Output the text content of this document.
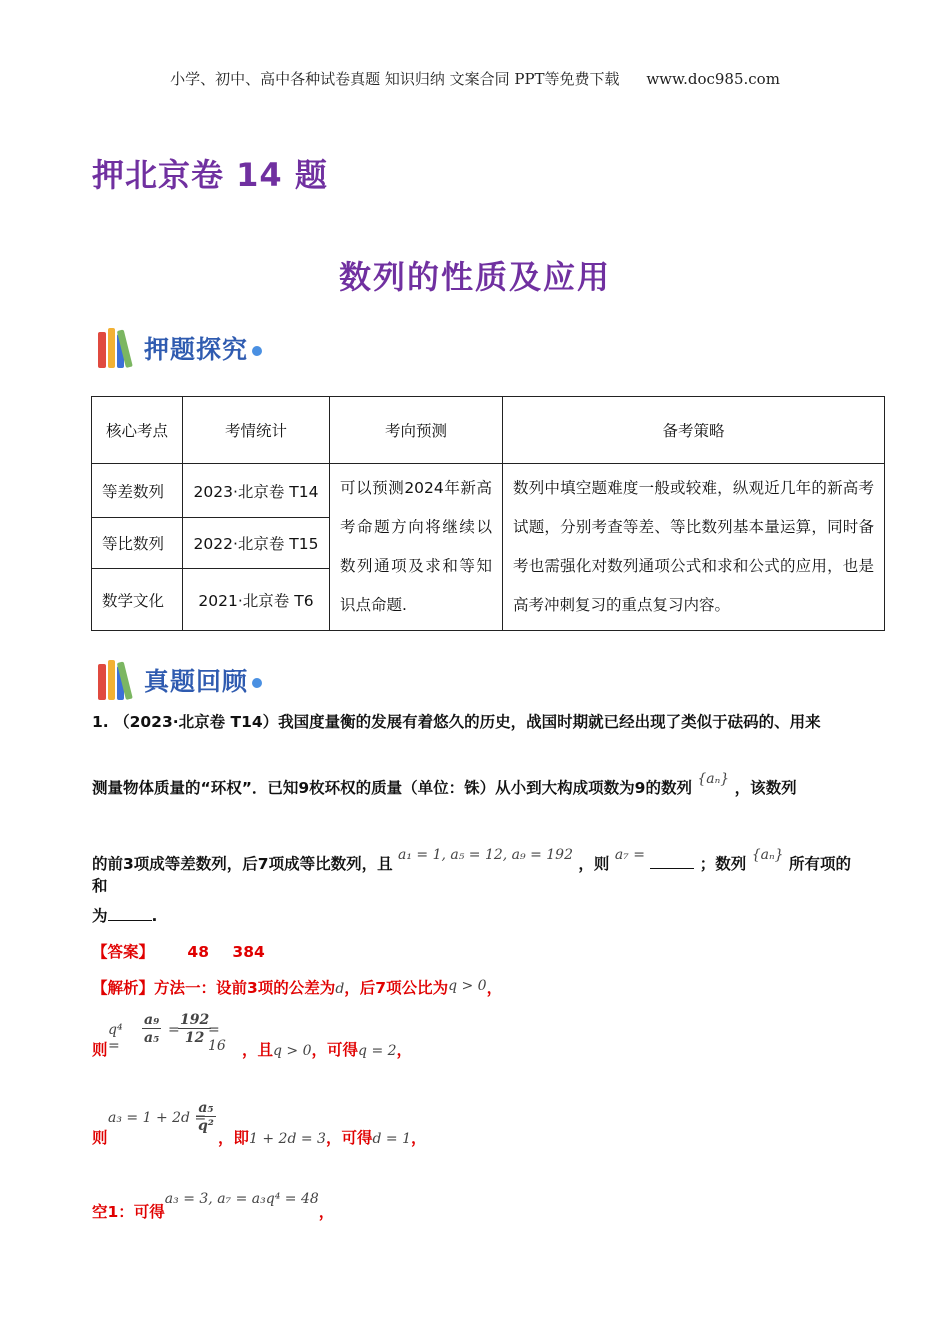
小学、初中、高中各种试卷真题 知识归纳 文案合同 PPT等免费下载 www.doc985.com
押北京卷 14 题
数列的性质及应用
押题探究
核心考点	考情统计	考向预测	备考策略
等差数列	2023·北京卷 T14	可以预测2024年新高考命题方向将继续以数列通项及求和等知识点命题.	数列中填空题难度一般或较难，纵观近几年的新高考试题，分别考查等差、等比数列基本量运算，同时备考也需强化对数列通项公式和求和公式的应用，也是高考冲刺复习的重点复习内容。
等比数列	2022·北京卷 T15		
数学文化	2021·北京卷 T6		
真题回顾
1. （2023·北京卷 T14）我国度量衡的发展有着悠久的历史，战国时期就已经出现了类似于砝码的、用来
测量物体质量的“环权”．已知9枚环权的质量（单位：铢）从小到大构成项数为9的数列 {aₙ} ，该数列
的前3项成等差数列，后7项成等比数列，且 a₁ = 1, a₅ = 12, a₉ = 192 ，则 a₇ =	；数列 {aₙ} 所有项的和
为	.
【答案】 48 384
【解析】方法一：设前3项的公差为d，后7项公比为q > 0，
则
$q^4 = \frac{\text{a₉}}{\text{a₅}}$ =
$\frac{192}{12}$
= 16 ，且q > 0，可得q = 2，
则
a₃ = 1 + 2d =
$\frac{\text{a₅}}{\text{q²}}$
，即1 + 2d = 3，可得d = 1，
空1：可得a₃ = 3, a₇ = a₃q⁴ = 48，
